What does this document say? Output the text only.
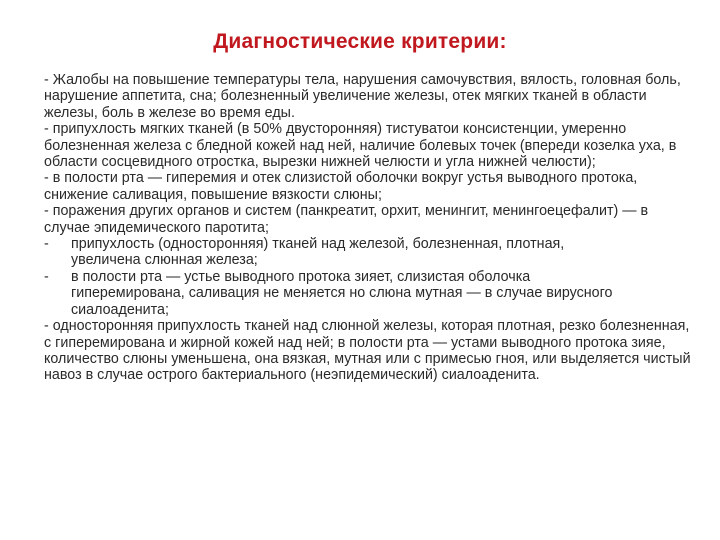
Диагностические критерии:

- Жалобы на повышение температуры тела, нарушения самочувствия, вялость, головная боль, нарушение аппетита, сна; болезненный увеличение железы, отек мягких тканей в области железы, боль в железе во время еды.

- припухлость мягких тканей (в 50% двусторонняя) тистуватои консистенции, умеренно болезненная железа с бледной кожей над ней, наличие болевых точек (впереди козелка уха, в области сосцевидного отростка, вырезки нижней челюсти и угла нижней челюсти);

- в полости рта — гиперемия и отек слизистой оболочки вокруг устья выводного протока, снижение саливация, повышение вязкости слюны;

- поражения других органов и систем (панкреатит, орхит, менингит, менингоецефалит) — в случае эпидемического паротита;

-	припухлость (односторонняя) тканей над железой, болезненная, плотная,

увеличена слюнная железа;

-	в полости рта — устье выводного протока зияет, слизистая оболочка

гиперемирована, саливация не меняется но слюна мутная — в случае вирусного сиалоаденита;

- односторонняя припухлость тканей над слюнной железы, которая плотная, резко болезненная, с гиперемирована и жирной кожей над ней; в полости рта — устами выводного протока зияе, количество слюны уменьшена, она вязкая, мутная или с примесью гноя, или выделяется чистый навоз в случае острого бактериального (неэпидемический) сиалоаденита.
